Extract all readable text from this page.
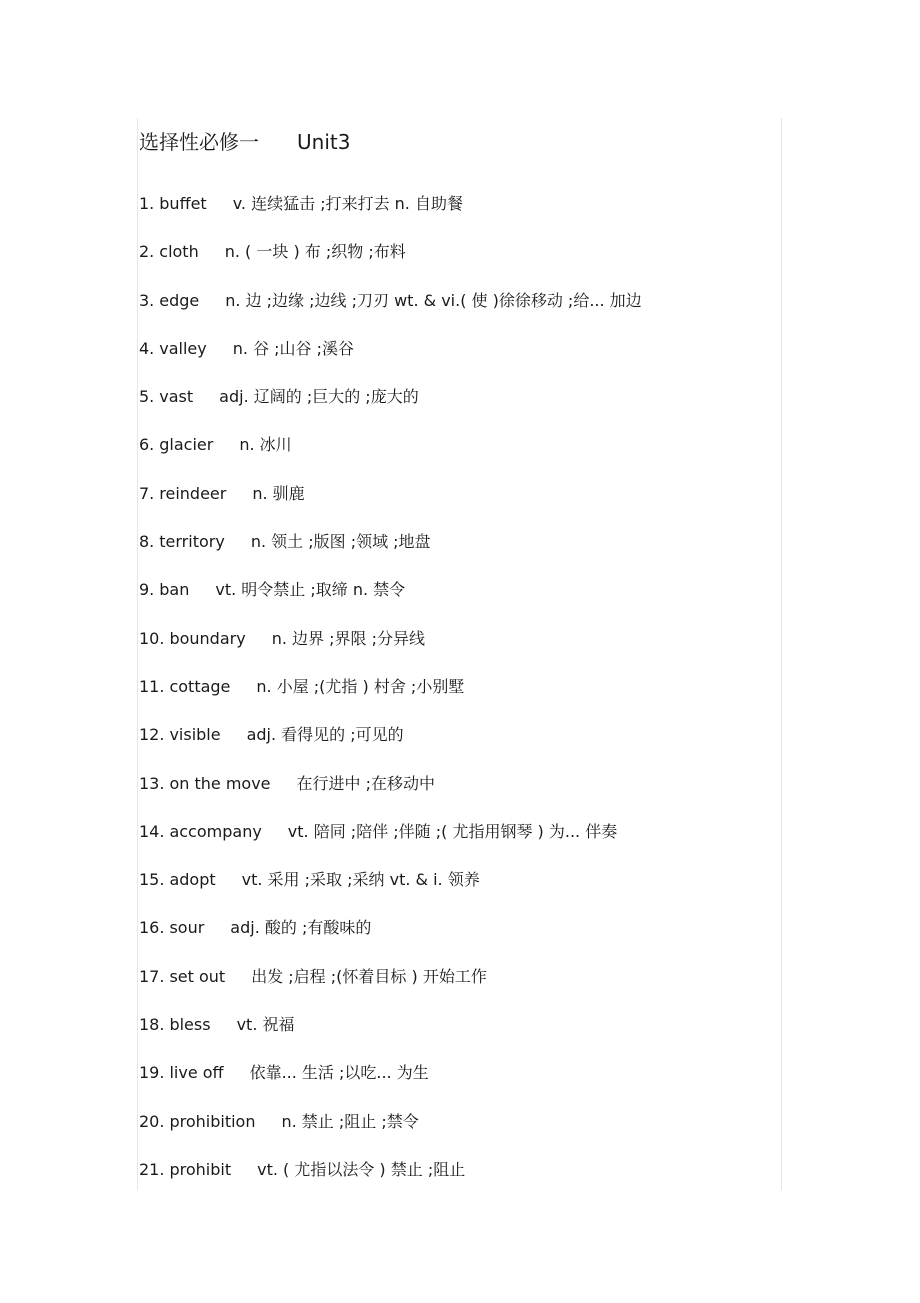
选择性必修一 Unit3
1. buffet v. 连续猛击 ;打来打去 n. 自助餐
2. cloth n. ( 一块 ) 布 ;织物 ;布料
3. edge n. 边 ;边缘 ;边线 ;刀刃 wt. & vi.( 使 )徐徐移动 ;给... 加边
4. valley n. 谷 ;山谷 ;溪谷
5. vast adj. 辽阔的 ;巨大的 ;庞大的
6. glacier n. 冰川
7. reindeer n. 驯鹿
8. territory n. 领土 ;版图 ;领域 ;地盘
9. ban vt. 明令禁止 ;取缔 n. 禁令
10. boundary n. 边界 ;界限 ;分异线
11. cottage n. 小屋 ;(尤指 ) 村舍 ;小别墅
12. visible adj. 看得见的 ;可见的
13. on the move 在行进中 ;在移动中
14. accompany vt. 陪同 ;陪伴 ;伴随 ;( 尤指用钢琴 ) 为... 伴奏
15. adopt vt. 采用 ;采取 ;采纳 vt. & i. 领养
16. sour adj. 酸的 ;有酸味的
17. set out 出发 ;启程 ;(怀着目标 ) 开始工作
18. bless vt. 祝福
19. live off 依靠... 生活 ;以吃... 为生
20. prohibition n. 禁止 ;阻止 ;禁令
21. prohibit vt. ( 尤指以法令 ) 禁止 ;阻止
